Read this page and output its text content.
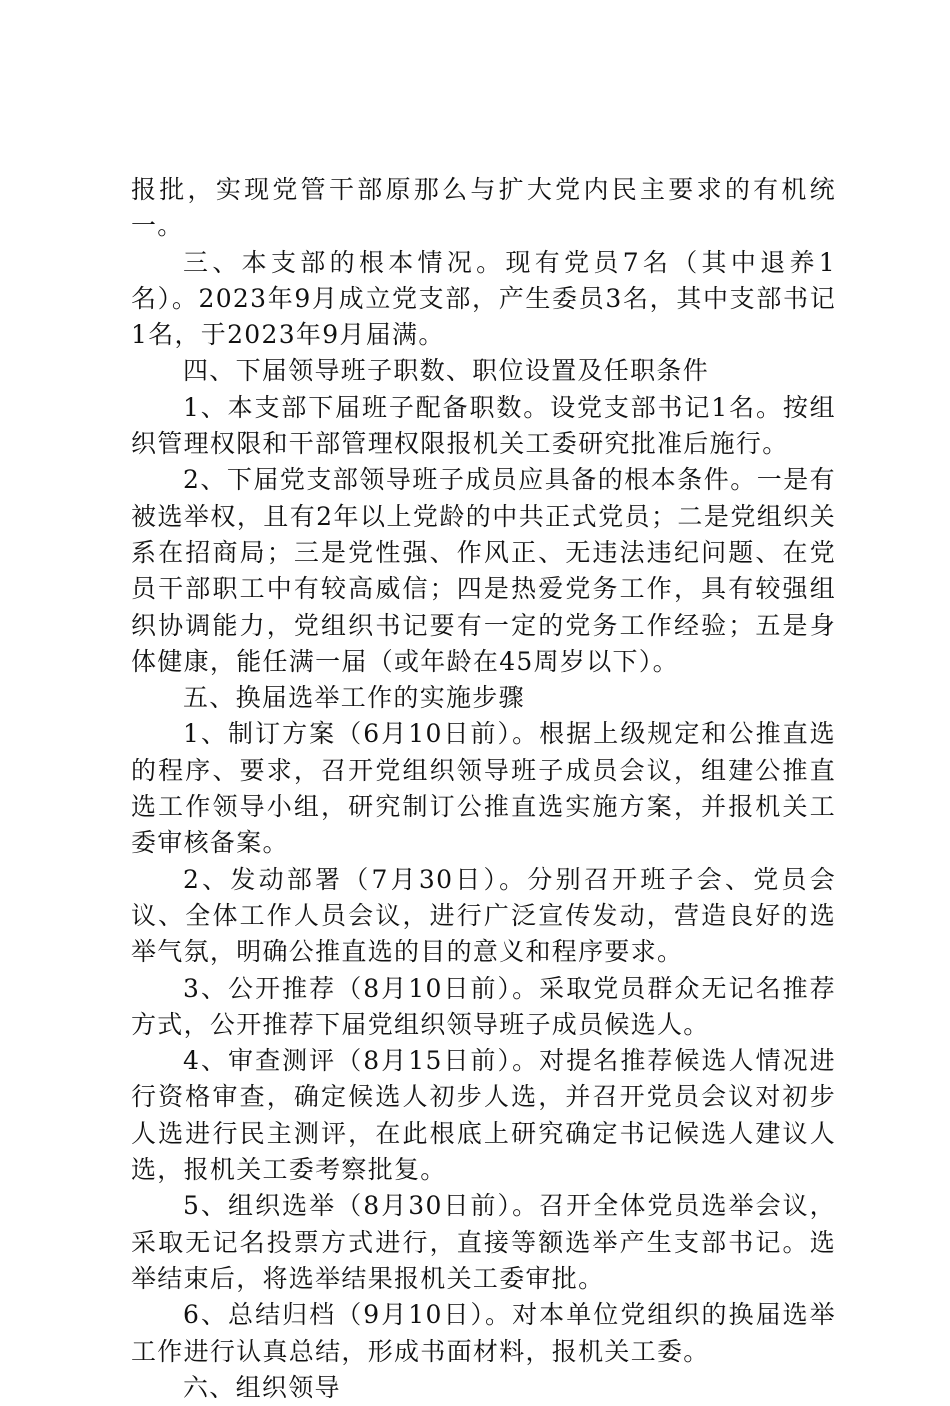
报批，实现党管干部原那么与扩大党内民主要求的有机统一。

三、本支部的根本情况。现有党员7名（其中退养1名）。2023年9月成立党支部，产生委员3名，其中支部书记1名，于2023年9月届满。

四、下届领导班子职数、职位设置及任职条件

1、本支部下届班子配备职数。设党支部书记1名。按组织管理权限和干部管理权限报机关工委研究批准后施行。

2、下届党支部领导班子成员应具备的根本条件。一是有被选举权，且有2年以上党龄的中共正式党员；二是党组织关系在招商局；三是党性强、作风正、无违法违纪问题、在党员干部职工中有较高威信；四是热爱党务工作，具有较强组织协调能力，党组织书记要有一定的党务工作经验；五是身体健康，能任满一届（或年龄在45周岁以下）。

五、换届选举工作的实施步骤

1、制订方案（6月10日前）。根据上级规定和公推直选的程序、要求，召开党组织领导班子成员会议，组建公推直选工作领导小组，研究制订公推直选实施方案，并报机关工委审核备案。

2、发动部署（7月30日）。分别召开班子会、党员会议、全体工作人员会议，进行广泛宣传发动，营造良好的选举气氛，明确公推直选的目的意义和程序要求。

3、公开推荐（8月10日前）。采取党员群众无记名推荐方式，公开推荐下届党组织领导班子成员候选人。

4、审查测评（8月15日前）。对提名推荐候选人情况进行资格审查，确定候选人初步人选，并召开党员会议对初步人选进行民主测评，在此根底上研究确定书记候选人建议人选，报机关工委考察批复。

5、组织选举（8月30日前）。召开全体党员选举会议，采取无记名投票方式进行，直接等额选举产生支部书记。选举结束后，将选举结果报机关工委审批。

6、总结归档（9月10日）。对本单位党组织的换届选举工作进行认真总结，形成书面材料，报机关工委。

六、组织领导
